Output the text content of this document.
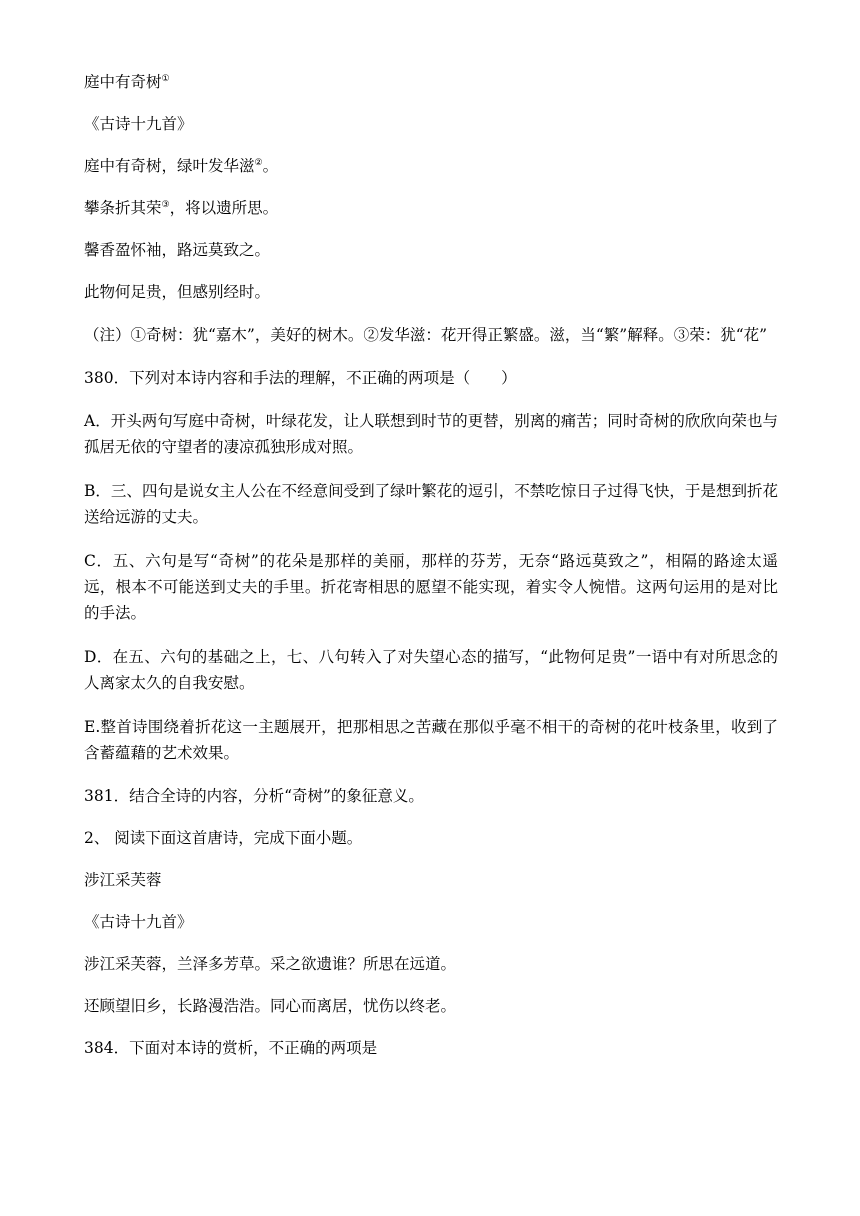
庭中有奇树①

《古诗十九首》

庭中有奇树，绿叶发华滋②。

攀条折其荣③，将以遗所思。

馨香盈怀袖，路远莫致之。

此物何足贵，但感别经时。

（注）①奇树：犹“嘉木”，美好的树木。②发华滋：花开得正繁盛。滋，当“繁”解释。③荣：犹“花”

380．下列对本诗内容和手法的理解，不正确的两项是（　　）

A．开头两句写庭中奇树，叶绿花发，让人联想到时节的更替，别离的痛苦；同时奇树的欣欣向荣也与孤居无依的守望者的凄凉孤独形成对照。

B．三、四句是说女主人公在不经意间受到了绿叶繁花的逗引，不禁吃惊日子过得飞快，于是想到折花送给远游的丈夫。

C．五、六句是写“奇树”的花朵是那样的美丽，那样的芬芳，无奈“路远莫致之”，相隔的路途太遥远，根本不可能送到丈夫的手里。折花寄相思的愿望不能实现，着实令人惋惜。这两句运用的是对比的手法。

D．在五、六句的基础之上，七、八句转入了对失望心态的描写，“此物何足贵”一语中有对所思念的人离家太久的自我安慰。

E.整首诗围绕着折花这一主题展开，把那相思之苦藏在那似乎毫不相干的奇树的花叶枝条里，收到了含蓄蕴藉的艺术效果。

381．结合全诗的内容，分析“奇树”的象征意义。

2、 阅读下面这首唐诗，完成下面小题。

涉江采芙蓉

《古诗十九首》

涉江采芙蓉，兰泽多芳草。采之欲遗谁？所思在远道。

还顾望旧乡，长路漫浩浩。同心而离居，忧伤以终老。

384．下面对本诗的赏析，不正确的两项是
